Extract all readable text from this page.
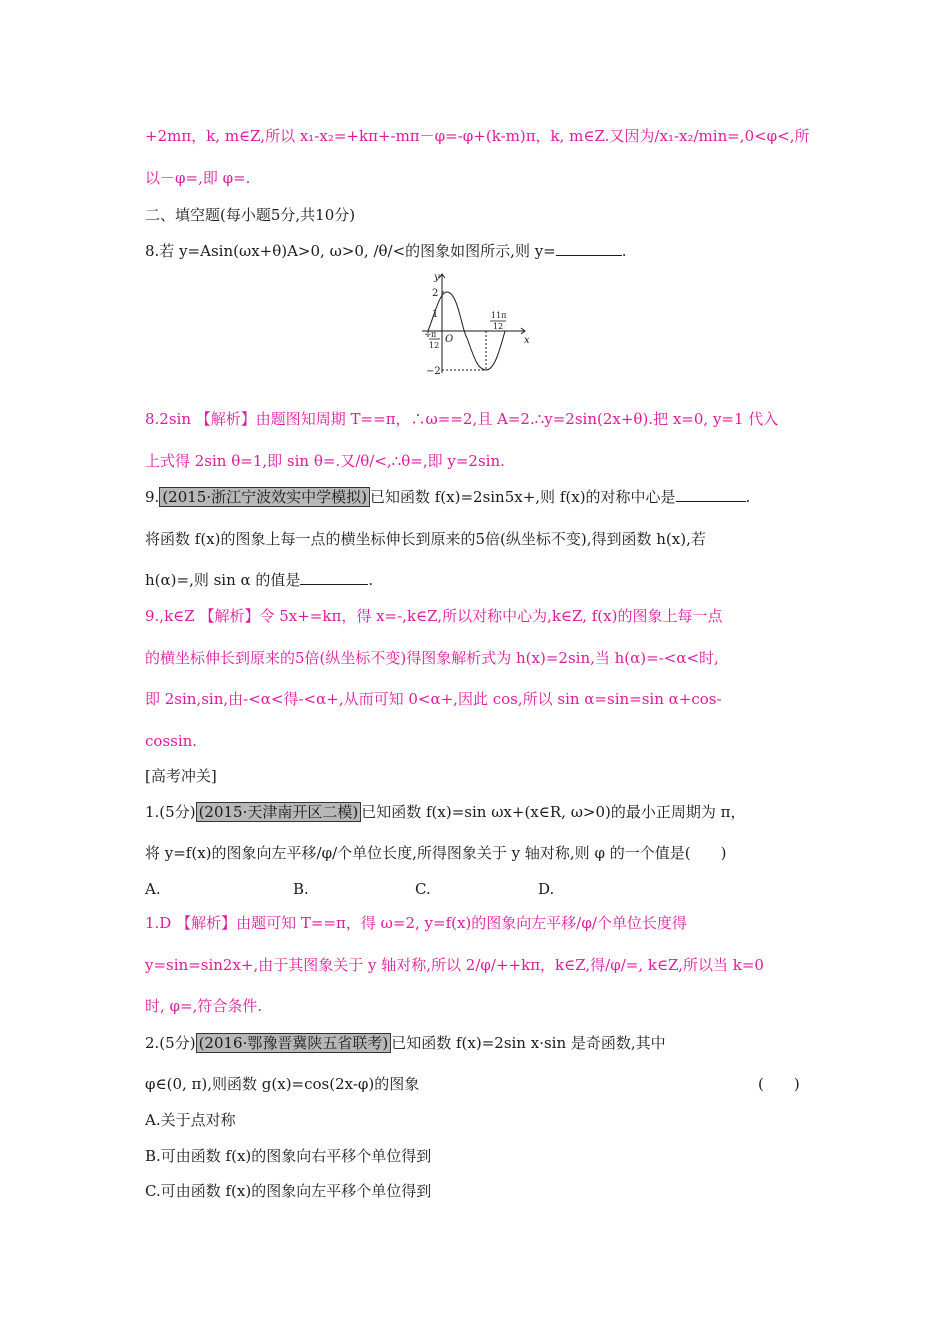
+2mπ，k, m∈Z,所以 x₁-x₂=+kπ+-mπ－φ=-φ+(k-m)π，k, m∈Z.又因为/x₁-x₂/min=,0<φ<,所
以－φ=,即 φ=.
二、填空题(每小题5分,共10分)
8.若 y=Asin(ωx+θ)A>0, ω>0, /θ/<的图象如图所示,则 y=	.
y
x
O
2
1
−2
− π
12
11π
12
8.2sin 【解析】由题图知周期 T==π，∴ω==2,且 A=2.∴y=2sin(2x+θ).把 x=0, y=1 代入
上式得 2sin θ=1,即 sin θ=.又/θ/<,∴θ=,即 y=2sin.
9. (2015·浙江宁波效实中学模拟) 已知函数 f(x)=2sin5x+,则 f(x)的对称中心是	.
将函数 f(x)的图象上每一点的横坐标伸长到原来的5倍(纵坐标不变),得到函数 h(x),若
h(α)=,则 sin α 的值是	.
9.,k∈Z 【解析】令 5x+=kπ，得 x=-,k∈Z,所以对称中心为,k∈Z, f(x)的图象上每一点
的横坐标伸长到原来的5倍(纵坐标不变)得图象解析式为 h(x)=2sin,当 h(α)=-<α<时,
即 2sin,sin,由-<α<得-<α+,从而可知 0<α+,因此 cos,所以 sin α=sin=sin α+cos-
cossin.
[高考冲关]
1.(5分) (2015·天津南开区二模) 已知函数 f(x)=sin ωx+(x∈R, ω>0)的最小正周期为 π，
将 y=f(x)的图象向左平移/φ/个单位长度,所得图象关于 y 轴对称,则 φ 的一个值是(　　)
A.	B.	C.	D.
1.D 【解析】由题可知 T==π，得 ω=2, y=f(x)的图象向左平移/φ/个单位长度得
y=sin=sin2x+,由于其图象关于 y 轴对称,所以 2/φ/++kπ，k∈Z,得/φ/=, k∈Z,所以当 k=0
时, φ=,符合条件.
2.(5分) (2016·鄂豫晋冀陕五省联考) 已知函数 f(x)=2sin x·sin 是奇函数,其中
φ∈(0, π),则函数 g(x)=cos(2x-φ)的图象	(　　)
A.关于点对称
B.可由函数 f(x)的图象向右平移个单位得到
C.可由函数 f(x)的图象向左平移个单位得到
